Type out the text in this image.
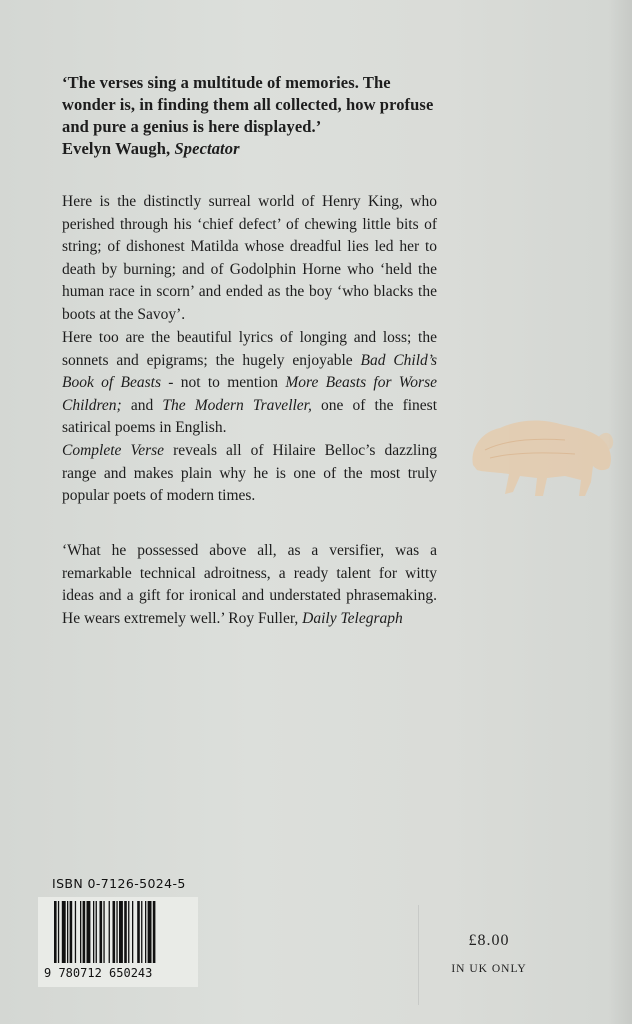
‘The verses sing a multitude of memories. The wonder is, in finding them all collected, how profuse and pure a genius is here displayed.’
Evelyn Waugh, Spectator
Here is the distinctly surreal world of Henry King, who perished through his ‘chief defect’ of chewing little bits of string; of dishonest Matilda whose dreadful lies led her to death by burning; and of Godolphin Horne who ‘held the human race in scorn’ and ended as the boy ‘who blacks the boots at the Savoy’.
Here too are the beautiful lyrics of longing and loss; the sonnets and epigrams; the hugely enjoyable Bad Child’s Book of Beasts - not to mention More Beasts for Worse Children; and The Modern Traveller, one of the finest satirical poems in English.
Complete Verse reveals all of Hilaire Belloc’s dazzling range and makes plain why he is one of the most truly popular poets of modern times.
‘What he possessed above all, as a versifier, was a remarkable technical adroitness, a ready talent for witty ideas and a gift for ironical and understated phrasemaking. He wears extremely well.’ Roy Fuller, Daily Telegraph
ISBN 0-7126-5024-5
9 780712 650243
£8.00
IN UK ONLY
